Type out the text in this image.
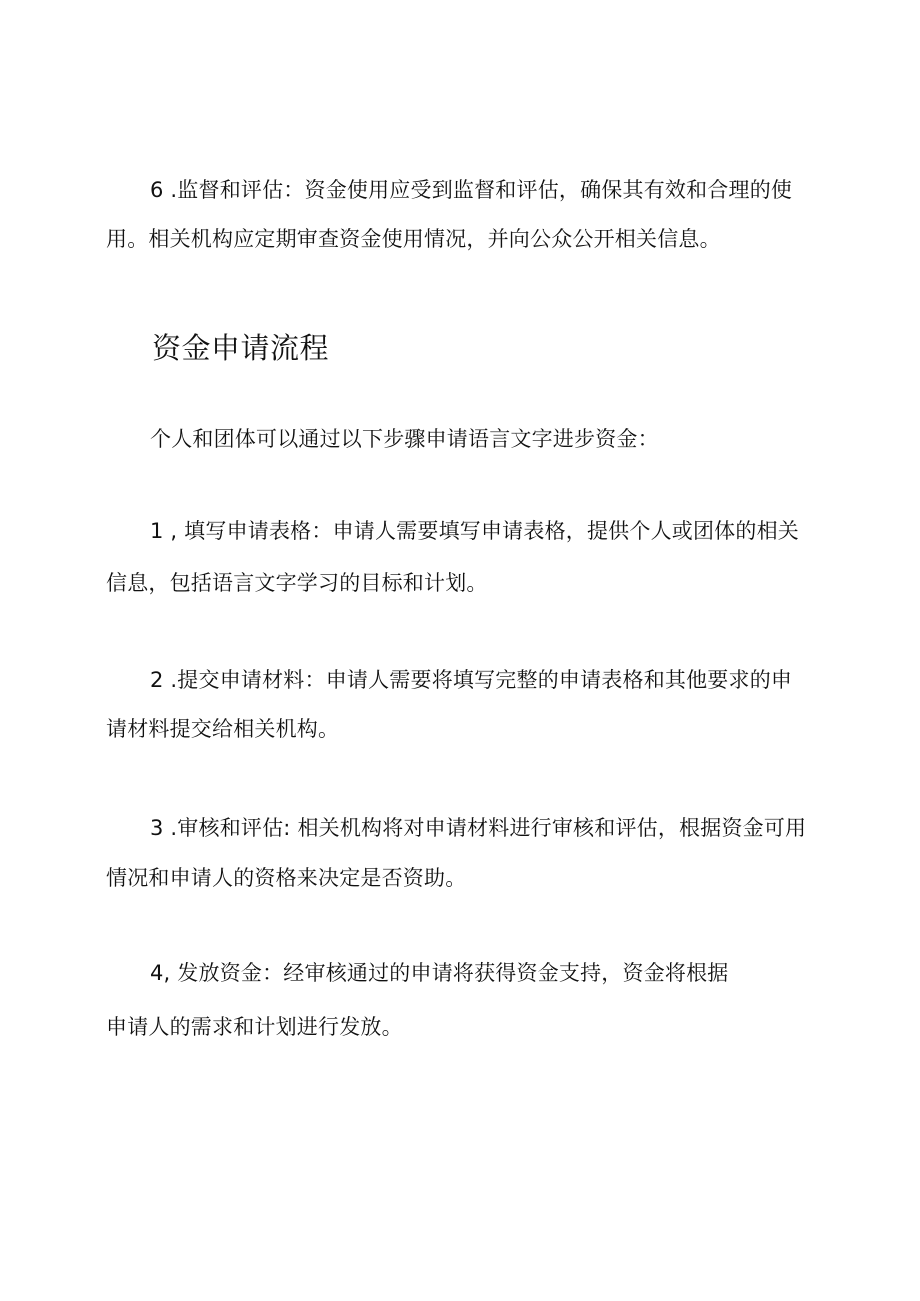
6 .监督和评估：资金使用应受到监督和评估，确保其有效和合理的使

用。相关机构应定期审查资金使用情况，并向公众公开相关信息。

资金申请流程

个人和团体可以通过以下步骤申请语言文字进步资金：

1 , 填写申请表格：申请人需要填写申请表格，提供个人或团体的相关

信息，包括语言文字学习的目标和计划。

2 .提交申请材料：申请人需要将填写完整的申请表格和其他要求的申

请材料提交给相关机构。

3 .审核和评估: 相关机构将对申请材料进行审核和评估，根据资金可用

情况和申请人的资格来决定是否资助。

4, 发放资金：经审核通过的申请将获得资金支持，资金将根据

申请人的需求和计划进行发放。
